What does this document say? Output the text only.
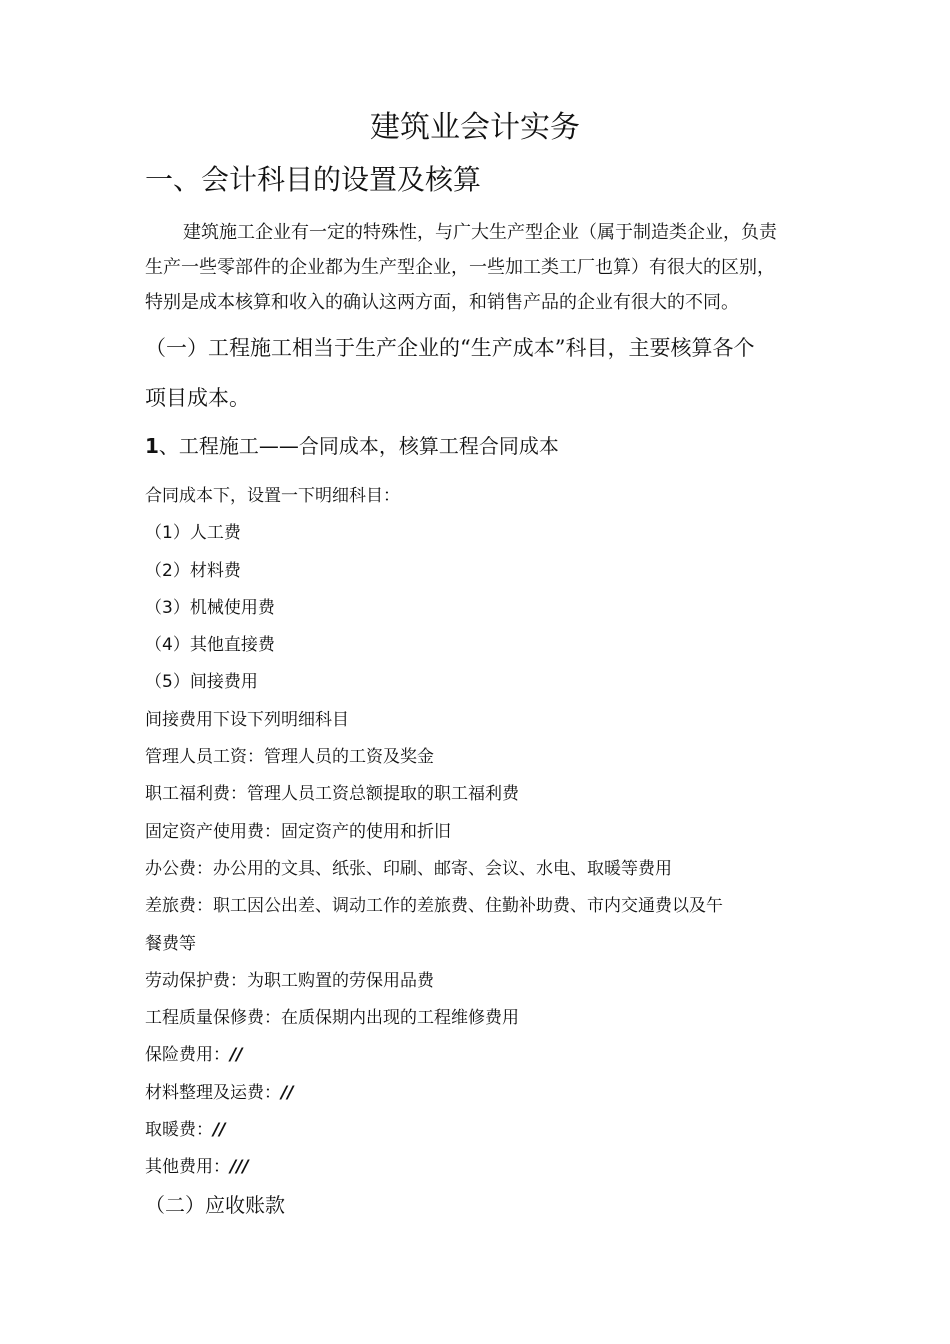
建筑业会计实务
一、会计科目的设置及核算
建筑施工企业有一定的特殊性，与广大生产型企业（属于制造类企业，负责
生产一些零部件的企业都为生产型企业，一些加工类工厂也算）有很大的区别，
特别是成本核算和收入的确认这两方面，和销售产品的企业有很大的不同。
（一）工程施工相当于生产企业的“生产成本”科目，主要核算各个
项目成本。
1、工程施工——合同成本，核算工程合同成本
合同成本下，设置一下明细科目：
（1）人工费
（2）材料费
（3）机械使用费
（4）其他直接费
（5）间接费用
间接费用下设下列明细科目
管理人员工资：管理人员的工资及奖金
职工福利费：管理人员工资总额提取的职工福利费
固定资产使用费：固定资产的使用和折旧
办公费：办公用的文具、纸张、印刷、邮寄、会议、水电、取暖等费用
差旅费：职工因公出差、调动工作的差旅费、住勤补助费、市内交通费以及午
餐费等
劳动保护费：为职工购置的劳保用品费
工程质量保修费：在质保期内出现的工程维修费用
保险费用：//
材料整理及运费：//
取暖费：//
其他费用：///
（二）应收账款
